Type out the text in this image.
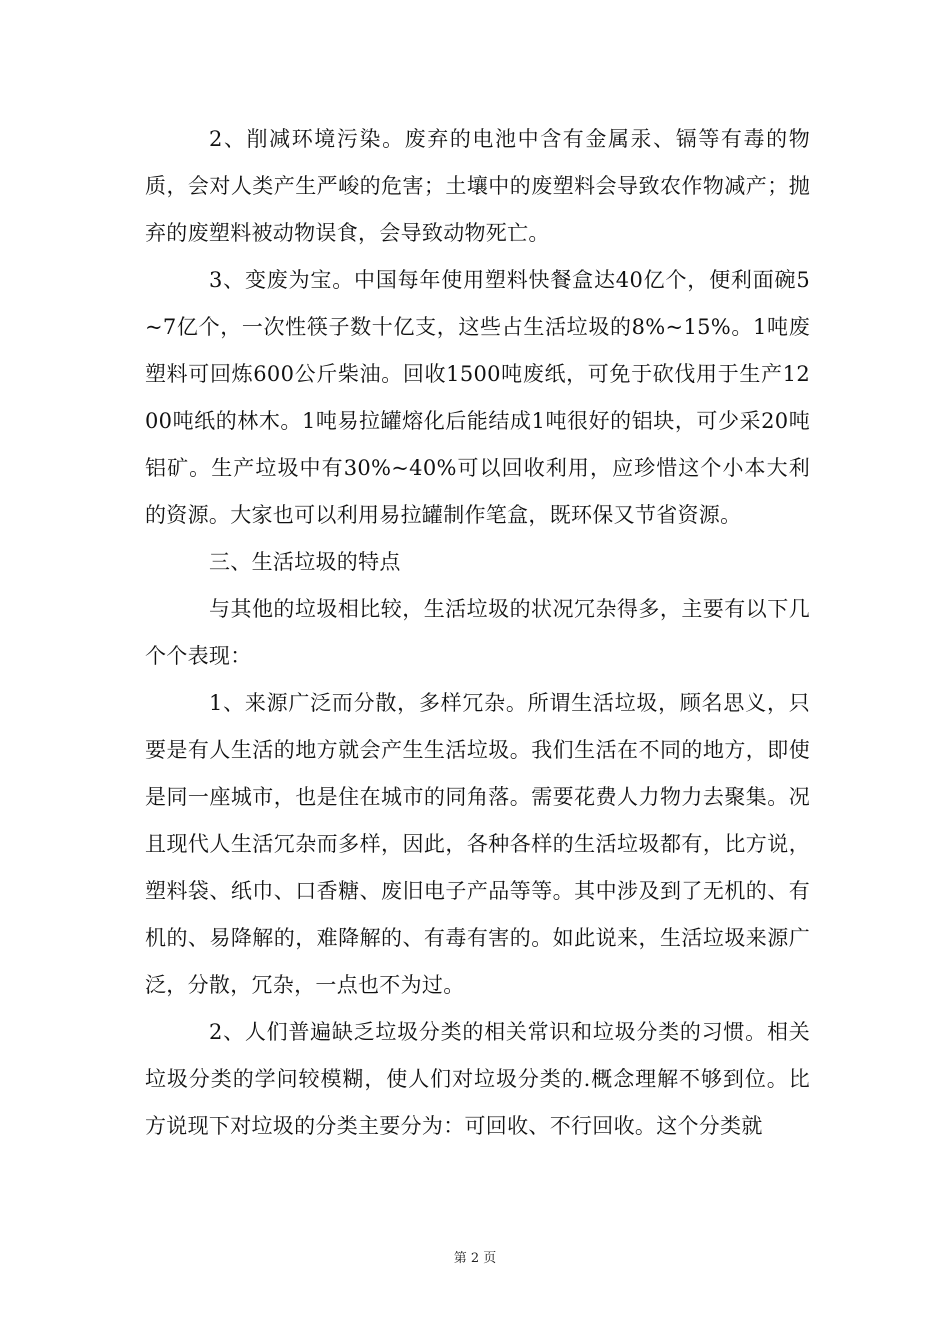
2、削减环境污染。废弃的电池中含有金属汞、镉等有毒的物质，会对人类产生严峻的危害；土壤中的废塑料会导致农作物减产；抛弃的废塑料被动物误食，会导致动物死亡。

3、变废为宝。中国每年使用塑料快餐盒达40亿个，便利面碗5~7亿个，一次性筷子数十亿支，这些占生活垃圾的8%~15%。1吨废塑料可回炼600公斤柴油。回收1500吨废纸，可免于砍伐用于生产1200吨纸的林木。1吨易拉罐熔化后能结成1吨很好的铝块，可少采20吨铝矿。生产垃圾中有30%~40%可以回收利用，应珍惜这个小本大利的资源。大家也可以利用易拉罐制作笔盒，既环保又节省资源。

三、生活垃圾的特点

与其他的垃圾相比较，生活垃圾的状况冗杂得多，主要有以下几个个表现：

1、来源广泛而分散，多样冗杂。所谓生活垃圾，顾名思义，只要是有人生活的地方就会产生生活垃圾。我们生活在不同的地方，即使是同一座城市，也是住在城市的同角落。需要花费人力物力去聚集。况且现代人生活冗杂而多样，因此，各种各样的生活垃圾都有，比方说，塑料袋、纸巾、口香糖、废旧电子产品等等。其中涉及到了无机的、有机的、易降解的，难降解的、有毒有害的。如此说来，生活垃圾来源广泛，分散，冗杂，一点也不为过。

2、人们普遍缺乏垃圾分类的相关常识和垃圾分类的习惯。相关垃圾分类的学问较模糊，使人们对垃圾分类的.概念理解不够到位。比方说现下对垃圾的分类主要分为：可回收、不行回收。这个分类就

第 2 页
